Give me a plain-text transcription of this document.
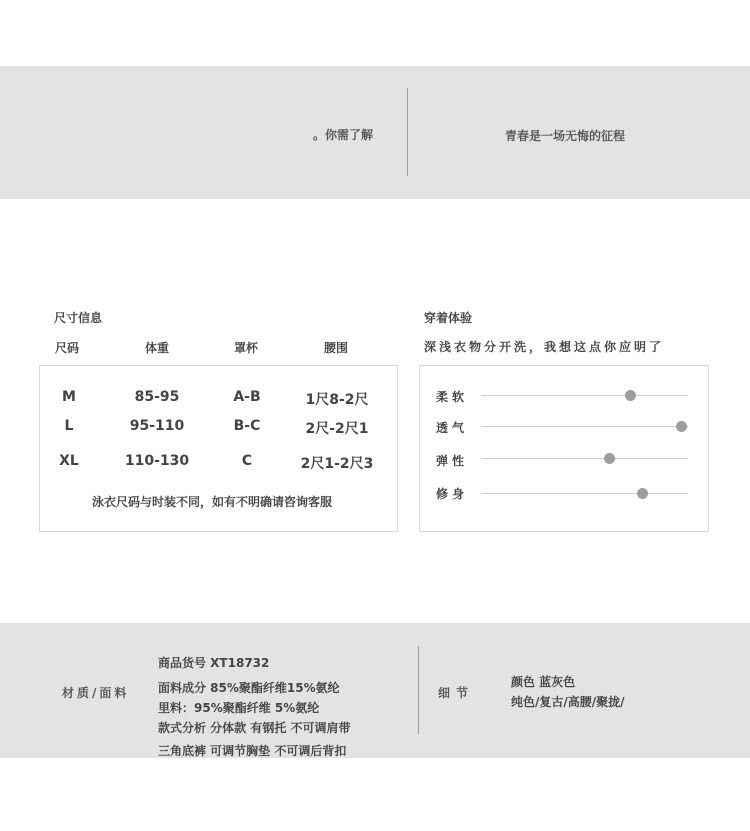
。你需了解	青春是一场无悔的征程
尺寸信息
尺码	体重	罩杯	腰围
M	85-95	A-B	1尺8-2尺
L	95-110	B-C	2尺-2尺1
XL	110-130	C	2尺1-2尺3
泳衣尺码与时装不同，如有不明确请咨询客服
穿着体验
深浅衣物分开洗，我想这点你应明了
柔软
透气
弹性
修身
材质/面料
商品货号 XT18732
面料成分 85%聚酯纤维15%氨纶
里料：95%聚酯纤维 5%氨纶
款式分析 分体款 有钢托 不可调肩带
三角底裤 可调节胸垫 不可调后背扣
细节
颜色 蓝灰色
纯色/复古/高腰/聚拢/
